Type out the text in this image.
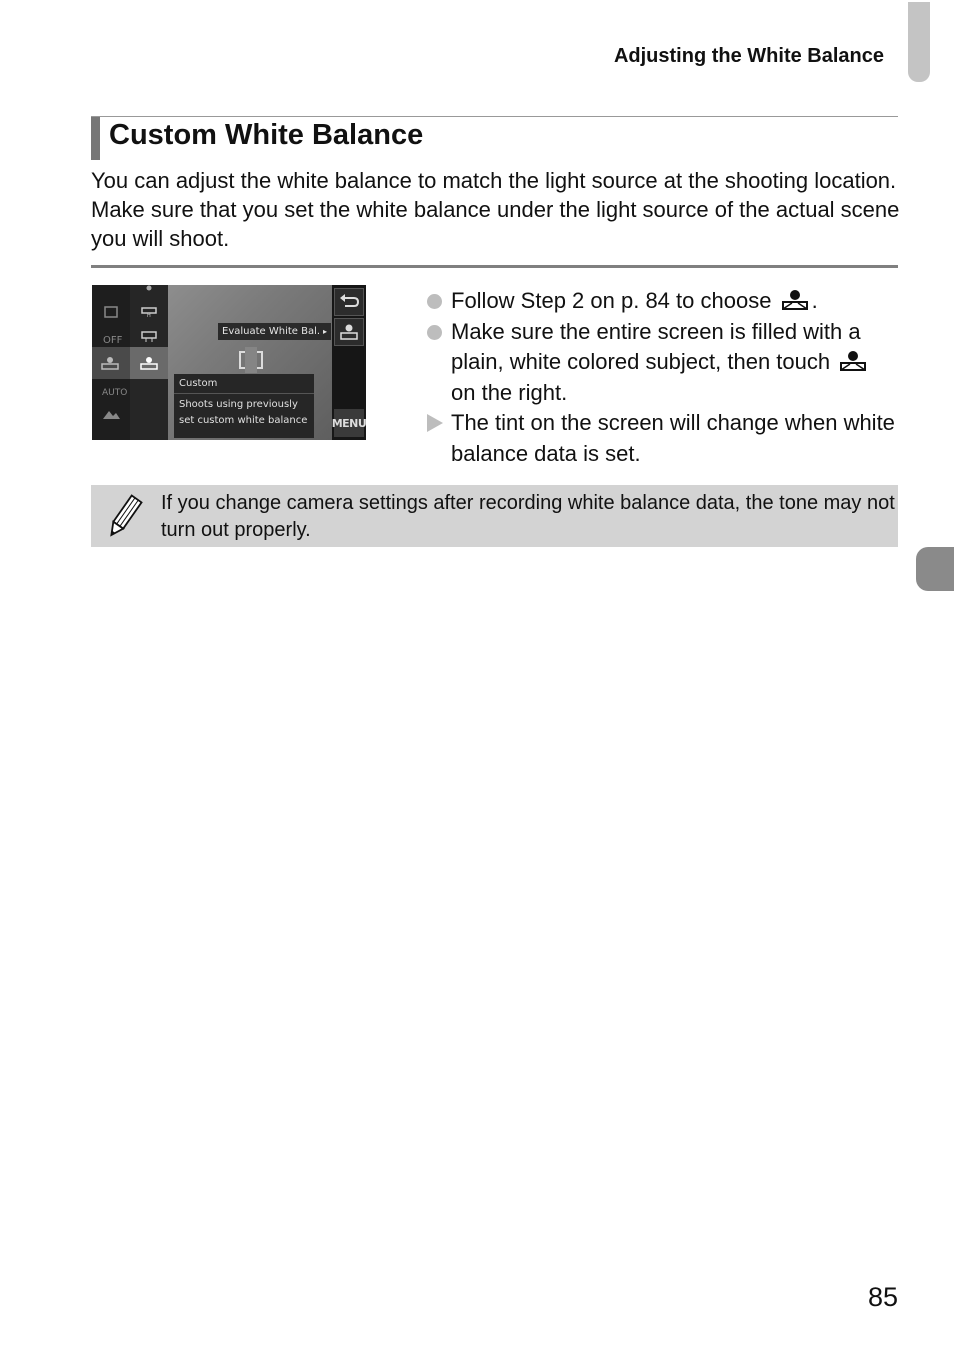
Adjusting the White Balance
Custom White Balance
You can adjust the white balance to match the light source at the shooting location. Make sure that you set the white balance under the light source of the actual scene you will shoot.
OFF
AUTO
H
Evaluate White Bal. ▸
Custom
Shoots using previously
set custom white balance MENU
Follow Step 2 on p. 84 to choose .
Make sure the entire screen is filled with a plain, white colored subject, then touch  on the right.
The tint on the screen will change when white balance data is set.
If you change camera settings after recording white balance data, the tone may not turn out properly.
85
